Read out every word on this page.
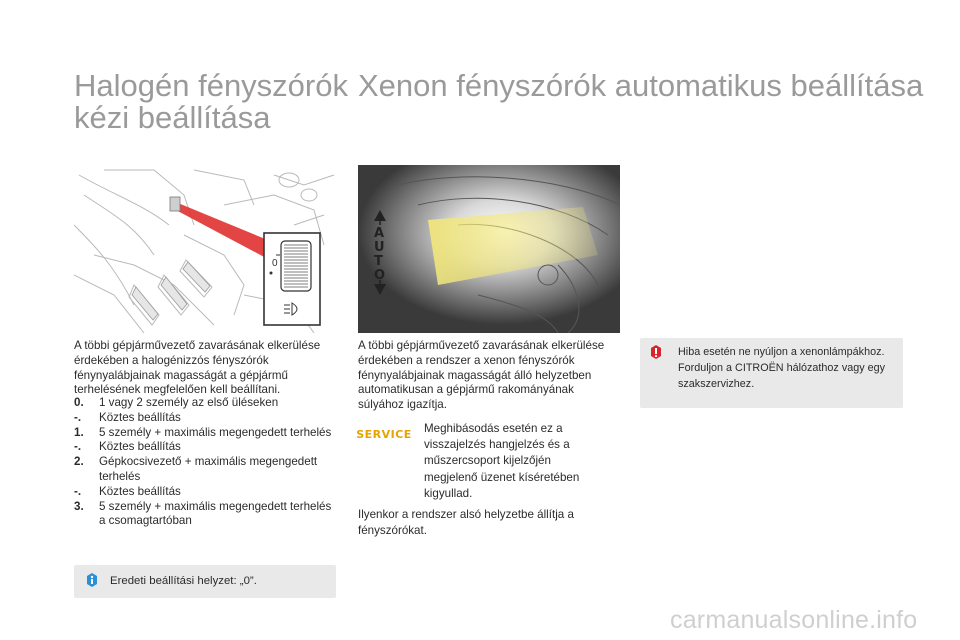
Halogén fényszórók
kézi beállítása
Xenon fényszórók automatikus beállítása
0
A többi gépjárművezető zavarásának elkerülése érdekében a halogénizzós fényszórók fénynyalábjainak magasságát a gépjármű terhelésének megfelelően kell beállítani.
0.	1 vagy 2 személy az első üléseken
-.	Köztes beállítás
1.	5 személy + maximális megengedett terhelés
-.	Köztes beállítás
2.	Gépkocsivezető + maximális megengedett terhelés
-.	Köztes beállítás
3.	5 személy + maximális megengedett terhelés a csomagtartóban
Eredeti beállítási helyzet: „0”.
A
U
T
O
A többi gépjárművezető zavarásának elkerülése érdekében a rendszer a xenon fényszórók fénynyalábjainak magasságát álló helyzetben automatikusan a gépjármű rakományának súlyához igazítja.
SERVICE Meghibásodás esetén ez a visszajelzés hangjelzés és a műszercsoport kijelzőjén megjelenő üzenet kíséretében kigyullad.
Ilyenkor a rendszer alsó helyzetbe állítja a fényszórókat.
Hiba esetén ne nyúljon a xenonlámpákhoz. Forduljon a CITROËN hálózathoz vagy egy szakszervizhez.
carmanualsonline.info
